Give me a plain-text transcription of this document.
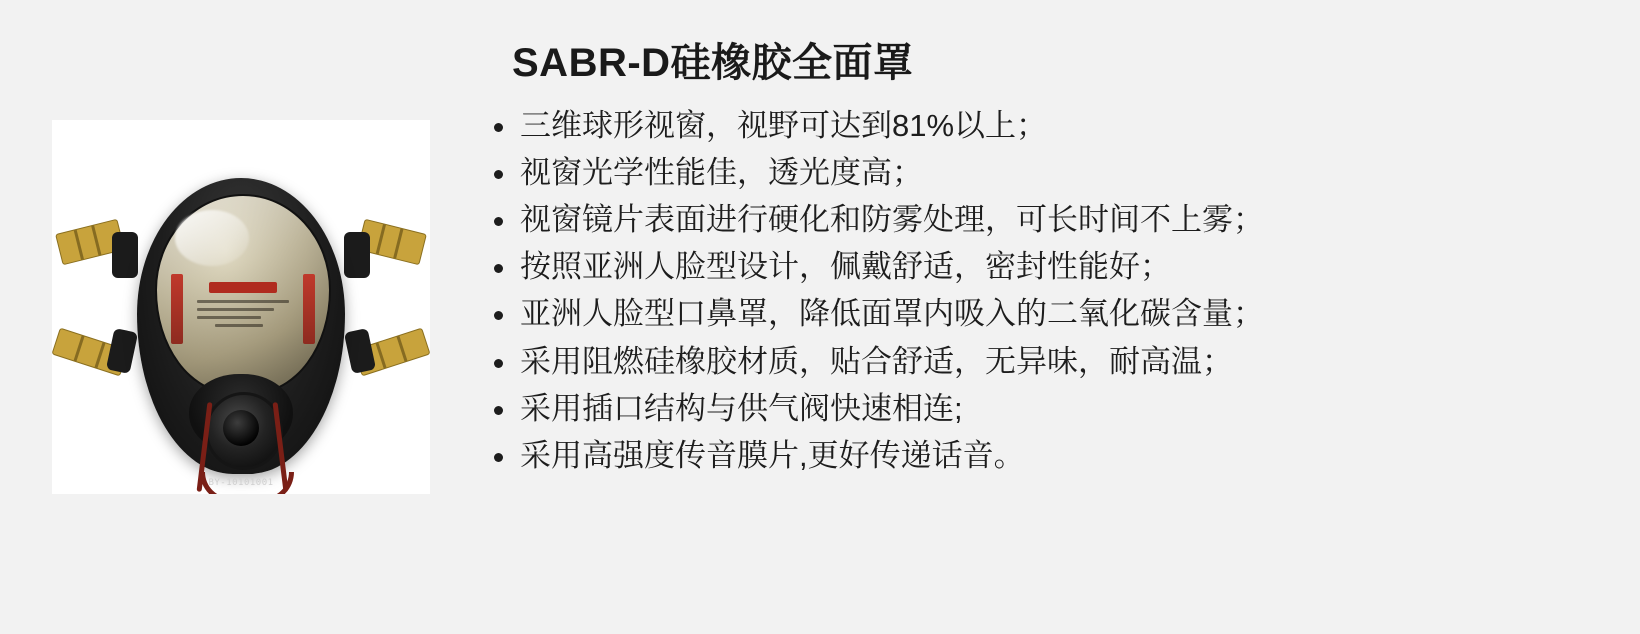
BY-10101001
SABR-D硅橡胶全面罩
三维球形视窗，视野可达到81%以上；
视窗光学性能佳，透光度高；
视窗镜片表面进行硬化和防雾处理，可长时间不上雾；
按照亚洲人脸型设计，佩戴舒适，密封性能好；
亚洲人脸型口鼻罩，降低面罩内吸入的二氧化碳含量；
采用阻燃硅橡胶材质，贴合舒适，无异味，耐高温；
采用插口结构与供气阀快速相连;
采用高强度传音膜片,更好传递话音。
